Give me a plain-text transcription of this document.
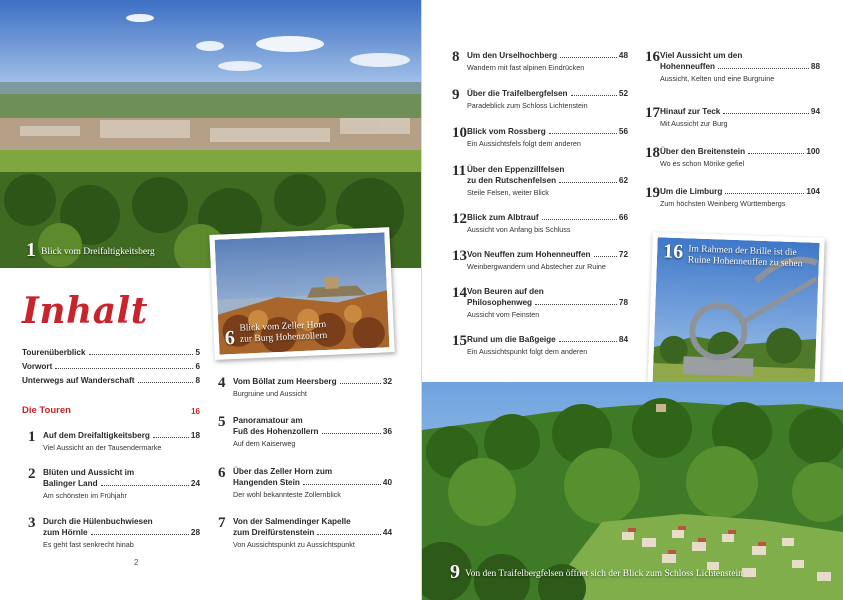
1 Blick vom Dreifaltigkeitsberg
6 Blick vom Zeller Horn
zur Burg Hohenzollern
Inhalt
Tourenüberblick	5
Vorwort	6
Unterwegs auf Wanderschaft	8
Die Touren	16
1 Auf dem Dreifaltigkeitsberg	18
Viel Aussicht an der Tausendermarke
2 Blüten und Aussicht im
Balinger Land	24
Am schönsten im Frühjahr
3 Durch die Hülenbuchwiesen
zum Hörnle	28
Es geht fast senkrecht hinab
4 Vom Böllat zum Heersberg	32
Burgruine und Aussicht
5 Panoramatour am
Fuß des Hohenzollern	36
Auf dem Kaiserweg
6 Über das Zeller Horn zum
Hangenden Stein	40
Der wohl bekannteste Zollernblick
7 Von der Salmendinger Kapelle
zum Dreifürstenstein	44
Von Aussichtspunkt zu Aussichtspunkt
2
8 Um den Urselhochberg	48
Wandern mit fast alpinen Eindrücken
9 Über die Traifelbergfelsen	52
Paradeblick zum Schloss Lichtenstein
10 Blick vom Rossberg	56
Ein Aussichtsfels folgt dem anderen
11 Über den Eppenzillfelsen
zu den Rutschenfelsen	62
Steile Felsen, weiter Blick
12 Blick zum Albtrauf	66
Aussicht von Anfang bis Schluss
13 Von Neuffen zum Hohenneuffen	72
Weinbergwandern und Abstecher zur Ruine
14 Von Beuren auf den
Philosophenweg	78
Aussicht vom Feinsten
15 Rund um die Baßgeige	84
Ein Aussichtspunkt folgt dem anderen
16 Viel Aussicht um den
Hohenneuffen	88
Aussicht, Kelten und eine Burgruine
17 Hinauf zur Teck	94
Mit Aussicht zur Burg
18 Über den Breitenstein	100
Wo es schon Mörike gefiel
19 Um die Limburg	104
Zum höchsten Weinberg Württembergs
16 Im Rahmen der Brille ist die
Ruine Hohenneuffen zu sehen
9 Von den Traifelbergfelsen öffnet sich der Blick zum Schloss Lichtenstein
